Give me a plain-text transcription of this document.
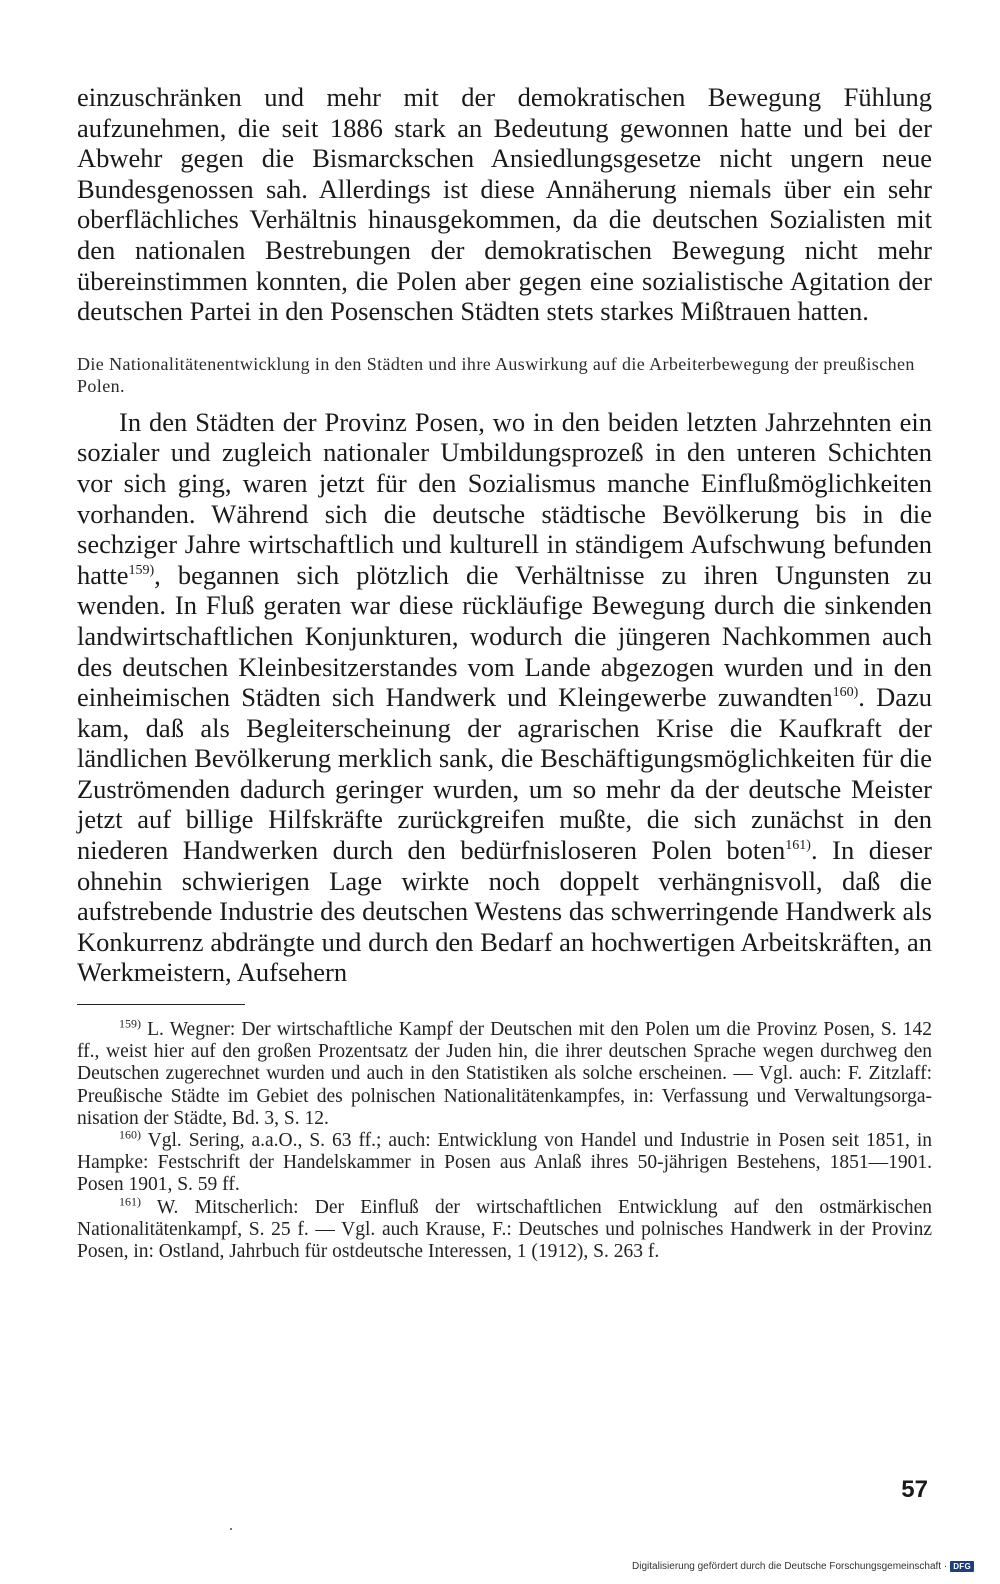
einzuschränken und mehr mit der demokratischen Bewegung Fühlung aufzunehmen, die seit 1886 stark an Bedeutung gewonnen hatte und bei der Abwehr gegen die Bismarckschen Ansiedlungsgesetze nicht ungern neue Bundesgenossen sah. Allerdings ist diese Annäherung niemals über ein sehr oberflächliches Verhältnis hinausgekommen, da die deutschen Sozialisten mit den nationalen Bestrebungen der demokratischen Bewegung nicht mehr übereinstimmen konnten, die Polen aber gegen eine sozialistische Agitation der deutschen Partei in den Posenschen Städten stets starkes Mißtrauen hatten.

Die Nationalitätenentwicklung in den Städten und ihre Auswirkung auf die Arbeiterbewegung der preußischen Polen.

In den Städten der Provinz Posen, wo in den beiden letzten Jahrzehnten ein sozialer und zugleich nationaler Umbildungsprozeß in den unteren Schichten vor sich ging, waren jetzt für den Sozialismus manche Einflußmöglichkeiten vorhanden. Während sich die deutsche städtische Bevölkerung bis in die sechziger Jahre wirtschaftlich und kulturell in ständigem Aufschwung befunden hatte$^{159)}$, begannen sich plötzlich die Verhältnisse zu ihren Ungunsten zu wenden. In Fluß geraten war diese rückläufige Bewegung durch die sinkenden landwirtschaftlichen Konjunkturen, wodurch die jüngeren Nachkommen auch des deutschen Kleinbesitzerstandes vom Lande abgezogen wurden und in den einheimischen Städten sich Handwerk und Kleingewerbe zuwandten$^{160)}$. Dazu kam, daß als Begleiterscheinung der agrarischen Krise die Kaufkraft der ländlichen Bevölkerung merklich sank, die Beschäftigungsmöglichkeiten für die Zuströmenden dadurch geringer wurden, um so mehr da der deutsche Meister jetzt auf billige Hilfskräfte zurückgreifen mußte, die sich zunächst in den niederen Handwerken durch den bedürfnisloseren Polen boten$^{161)}$. In dieser ohnehin schwierigen Lage wirkte noch doppelt verhängnisvoll, daß die aufstrebende Industrie des deutschen Westens das schwerringende Handwerk als Konkurrenz abdrängte und durch den Bedarf an hochwertigen Arbeitskräften, an Werkmeistern, Aufsehern

$^{159)}$ L. Wegner: Der wirtschaftliche Kampf der Deutschen mit den Polen um die Provinz Posen, S. 142 ff., weist hier auf den großen Prozentsatz der Juden hin, die ihrer deutschen Sprache wegen durchweg den Deutschen zugerechnet wurden und auch in den Statistiken als solche erscheinen. — Vgl. auch: F. Zitzlaff: Preußische Städte im Gebiet des polnischen Nationalitätenkampfes, in: Verfassung und Verwaltungsorganisation der Städte, Bd. 3, S. 12.

$^{160)}$ Vgl. Sering, a.a.O., S. 63 ff.; auch: Entwicklung von Handel und Industrie in Posen seit 1851, in Hampke: Festschrift der Handelskammer in Posen aus Anlaß ihres 50-jährigen Bestehens, 1851—1901. Posen 1901, S. 59 ff.

$^{161)}$ W. Mitscherlich: Der Einfluß der wirtschaftlichen Entwicklung auf den ostmärkischen Nationalitätenkampf, S. 25 f. — Vgl. auch Krause, F.: Deutsches und polnisches Handwerk in der Provinz Posen, in: Ostland, Jahrbuch für ostdeutsche Interessen, 1 (1912), S. 263 f.

57
Digitalisierung gefördert durch die Deutsche Forschungsgemeinschaft · DFG
